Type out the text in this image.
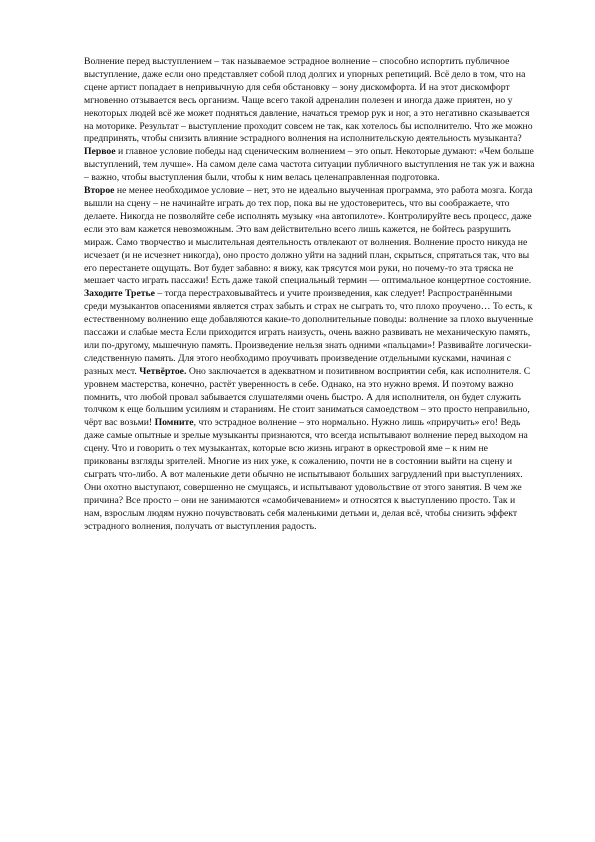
Волнение перед выступлением – так называемое эстрадное волнение – способно испортить публичное выступление, даже если оно представляет собой плод долгих и упорных репетиций. Всё дело в том, что на сцене артист попадает в непривычную для себя обстановку – зону дискомфорта. И на этот дискомфорт мгновенно отзывается весь организм. Чаще всего такой адреналин полезен и иногда даже приятен, но у некоторых людей всё же может подняться давление, начаться тремор рук и ног, а это негативно сказывается на моторике. Результат – выступление проходит совсем не так, как хотелось бы исполнителю. Что же можно предпринять, чтобы снизить влияние эстрадного волнения на исполнительскую деятельность музыканта? Первое и главное условие победы над сценическим волнением – это опыт. Некоторые думают: «Чем больше выступлений, тем лучше». На самом деле сама частота ситуации публичного выступления не так уж и важна – важно, чтобы выступления были, чтобы к ним велась целенаправленная подготовка.

Второе не менее необходимое условие – нет, это не идеально выученная программа, это работа мозга. Когда вышли на сцену – не начинайте играть до тех пор, пока вы не удостоверитесь, что вы соображаете, что делаете. Никогда не позволяйте себе исполнять музыку «на автопилоте». Контролируйте весь процесс, даже если это вам кажется невозможным. Это вам действительно всего лишь кажется, не бойтесь разрушить мираж. Само творчество и мыслительная деятельность отвлекают от волнения. Волнение просто никуда не исчезает (и не исчезнет никогда), оно просто должно уйти на задний план, скрыться, спрятаться так, что вы его перестанете ощущать. Вот будет забавно: я вижу, как трясутся мои руки, но почему-то эта тряска не мешает часто играть пассажи! Есть даже такой специальный термин — оптимальное концертное состояние.

Заходите Третье – тогда перестраховывайтесь и учите произведения, как следует! Распространёнными среди музыкантов опасениями является страх забыть и страх не сыграть то, что плохо проучено… То есть, к естественному волнению еще добавляются какие-то дополнительные поводы: волнение за плохо выученные пассажи и слабые места Если приходится играть наизусть, очень важно развивать не механическую память, или по-другому, мышечную память. Произведение нельзя знать одними «пальцами»! Развивайте логически-следственную память. Для этого необходимо проучивать произведение отдельными кусками, начиная с разных мест. Четвёртое. Оно заключается в адекватном и позитивном восприятии себя, как исполнителя. С уровнем мастерства, конечно, растёт уверенность в себе. Однако, на это нужно время. И поэтому важно помнить, что любой провал забывается слушателями очень быстро. А для исполнителя, он будет служить толчком к еще большим усилиям и стараниям. Не стоит заниматься самоедством – это просто неправильно, чёрт вас возьми! Помните, что эстрадное волнение – это нормально. Нужно лишь «приручить» его! Ведь даже самые опытные и зрелые музыканты признаются, что всегда испытывают волнение перед выходом на сцену. Что и говорить о тех музыкантах, которые всю жизнь играют в оркестровой яме – к ним не прикованы взгляды зрителей. Многие из них уже, к сожалению, почти не в состоянии выйти на сцену и сыграть что-либо. А вот маленькие дети обычно не испытывают больших загрудлений при выступлениях. Они охотно выступают, совершенно не смущаясь, и испытывают удовольствие от этого занятия. В чем же причина? Все просто – они не занимаются «самобичеванием» и относятся к выступлению просто. Так и нам, взрослым людям нужно почувствовать себя маленькими детьми и, делая всё, чтобы снизить эффект эстрадного волнения, получать от выступления радость.
